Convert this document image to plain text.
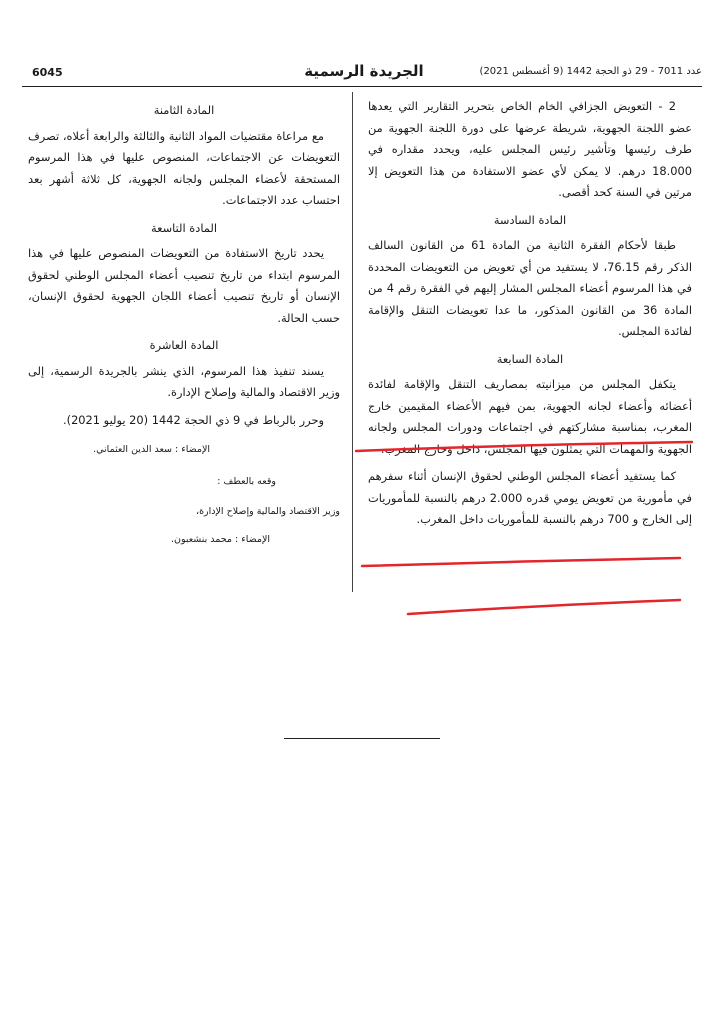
عدد 7011 - 29 ذو الحجة 1442 (9 أغسطس 2021)
الجريدة الرسمية
6045

2 - التعويض الجزافي الخام الخاص بتحرير التقارير التي يعدها عضو اللجنة الجهوية، شريطة عرضها على دورة اللجنة الجهوية من طرف رئيسها وتأشير رئيس المجلس عليه، ويحدد مقداره في 18.000 درهم. لا يمكن لأي عضو الاستفادة من هذا التعويض إلا مرتين في السنة كحد أقصى.

المادة السادسة

طبقا لأحكام الفقرة الثانية من المادة 61 من القانون السالف الذكر رقم 76.15، لا يستفيد من أي تعويض من التعويضات المحددة في هذا المرسوم أعضاء المجلس المشار إليهم في الفقرة رقم 4 من المادة 36 من القانون المذكور، ما عدا تعويضات التنقل والإقامة لفائدة المجلس.

المادة السابعة

يتكفل المجلس من ميزانيته بمصاريف التنقل والإقامة لفائدة أعضائه وأعضاء لجانه الجهوية، بمن فيهم الأعضاء المقيمين خارج المغرب، بمناسبة مشاركتهم في اجتماعات ودورات المجلس ولجانه الجهوية والمهمات التي يمثلون فيها المجلس، داخل وخارج المغرب.

كما يستفيد أعضاء المجلس الوطني لحقوق الإنسان أثناء سفرهم في مأمورية من تعويض يومي قدره 2.000 درهم بالنسبة للمأموريات إلى الخارج و 700 درهم بالنسبة للمأموريات داخل المغرب.

المادة الثامنة

مع مراعاة مقتضيات المواد الثانية والثالثة والرابعة أعلاه، تصرف التعويضات عن الاجتماعات، المنصوص عليها في هذا المرسوم المستحقة لأعضاء المجلس ولجانه الجهوية، كل ثلاثة أشهر بعد احتساب عدد الاجتماعات.

المادة التاسعة

يحدد تاريخ الاستفادة من التعويضات المنصوص عليها في هذا المرسوم ابتداء من تاريخ تنصيب أعضاء المجلس الوطني لحقوق الإنسان أو تاريخ تنصيب أعضاء اللجان الجهوية لحقوق الإنسان، حسب الحالة.

المادة العاشرة

يسند تنفيذ هذا المرسوم، الذي ينشر بالجريدة الرسمية، إلى وزير الاقتصاد والمالية وإصلاح الإدارة.

وحرر بالرباط في 9 ذي الحجة 1442 (20 يوليو 2021).

الإمضاء : سعد الدين العثماني.

وقعه بالعطف :

وزير الاقتصاد والمالية وإصلاح الإدارة،

الإمضاء : محمد بنشعبون.
